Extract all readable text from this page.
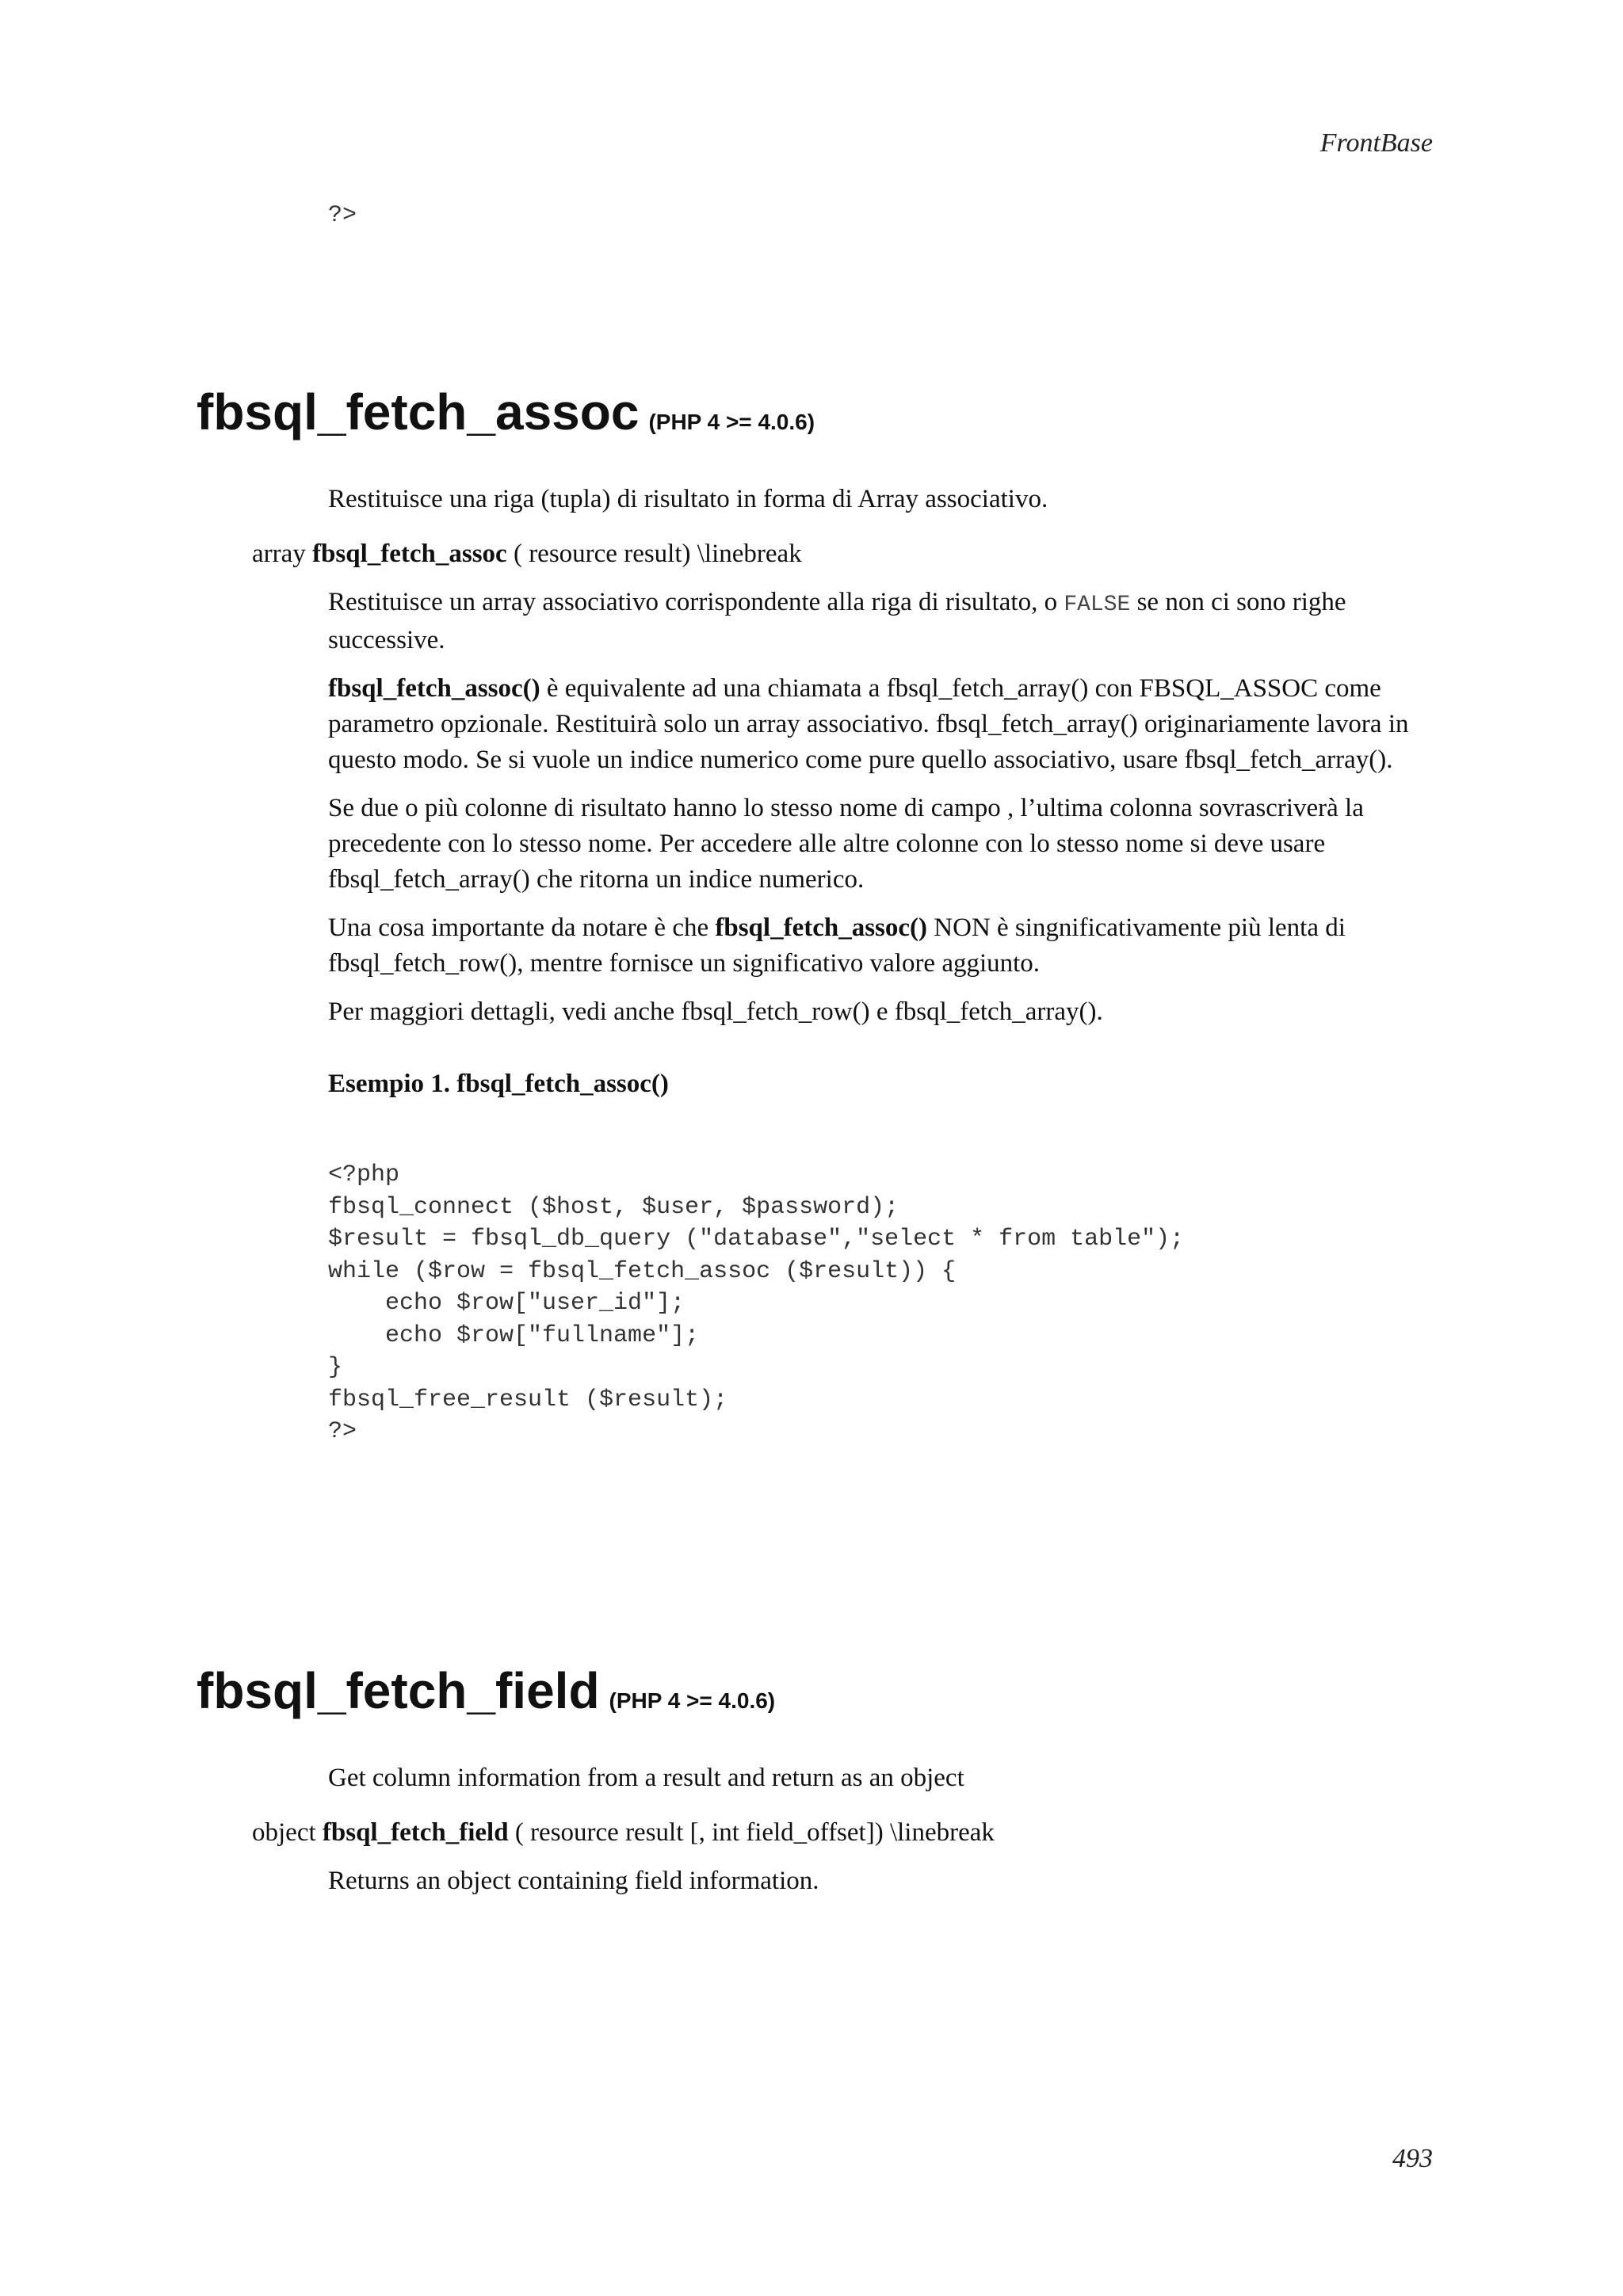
FrontBase
?>
fbsql_fetch_assoc (PHP 4 >= 4.0.6)

Restituisce una riga (tupla) di risultato in forma di Array associativo.

array fbsql_fetch_assoc ( resource result) \linebreak

Restituisce un array associativo corrispondente alla riga di risultato, o FALSE se non ci sono righe successive.

fbsql_fetch_assoc() è equivalente ad una chiamata a fbsql_fetch_array() con FBSQL_ASSOC come parametro opzionale. Restituirà solo un array associativo. fbsql_fetch_array() originariamente lavora in questo modo. Se si vuole un indice numerico come pure quello associativo, usare fbsql_fetch_array().

Se due o più colonne di risultato hanno lo stesso nome di campo , l’ultima colonna sovrascriverà la precedente con lo stesso nome. Per accedere alle altre colonne con lo stesso nome si deve usare fbsql_fetch_array() che ritorna un indice numerico.

Una cosa importante da notare è che fbsql_fetch_assoc() NON è singnificativamente più lenta di fbsql_fetch_row(), mentre fornisce un significativo valore aggiunto.

Per maggiori dettagli, vedi anche fbsql_fetch_row() e fbsql_fetch_array().

Esempio 1. fbsql_fetch_assoc()
<?php
fbsql_connect ($host, $user, $password);
$result = fbsql_db_query ("database","select * from table");
while ($row = fbsql_fetch_assoc ($result)) {
echo $row["user_id"];
echo $row["fullname"];
}
fbsql_free_result ($result);
?>
fbsql_fetch_field (PHP 4 >= 4.0.6)

Get column information from a result and return as an object

object fbsql_fetch_field ( resource result [, int field_offset]) \linebreak

Returns an object containing field information.

493
